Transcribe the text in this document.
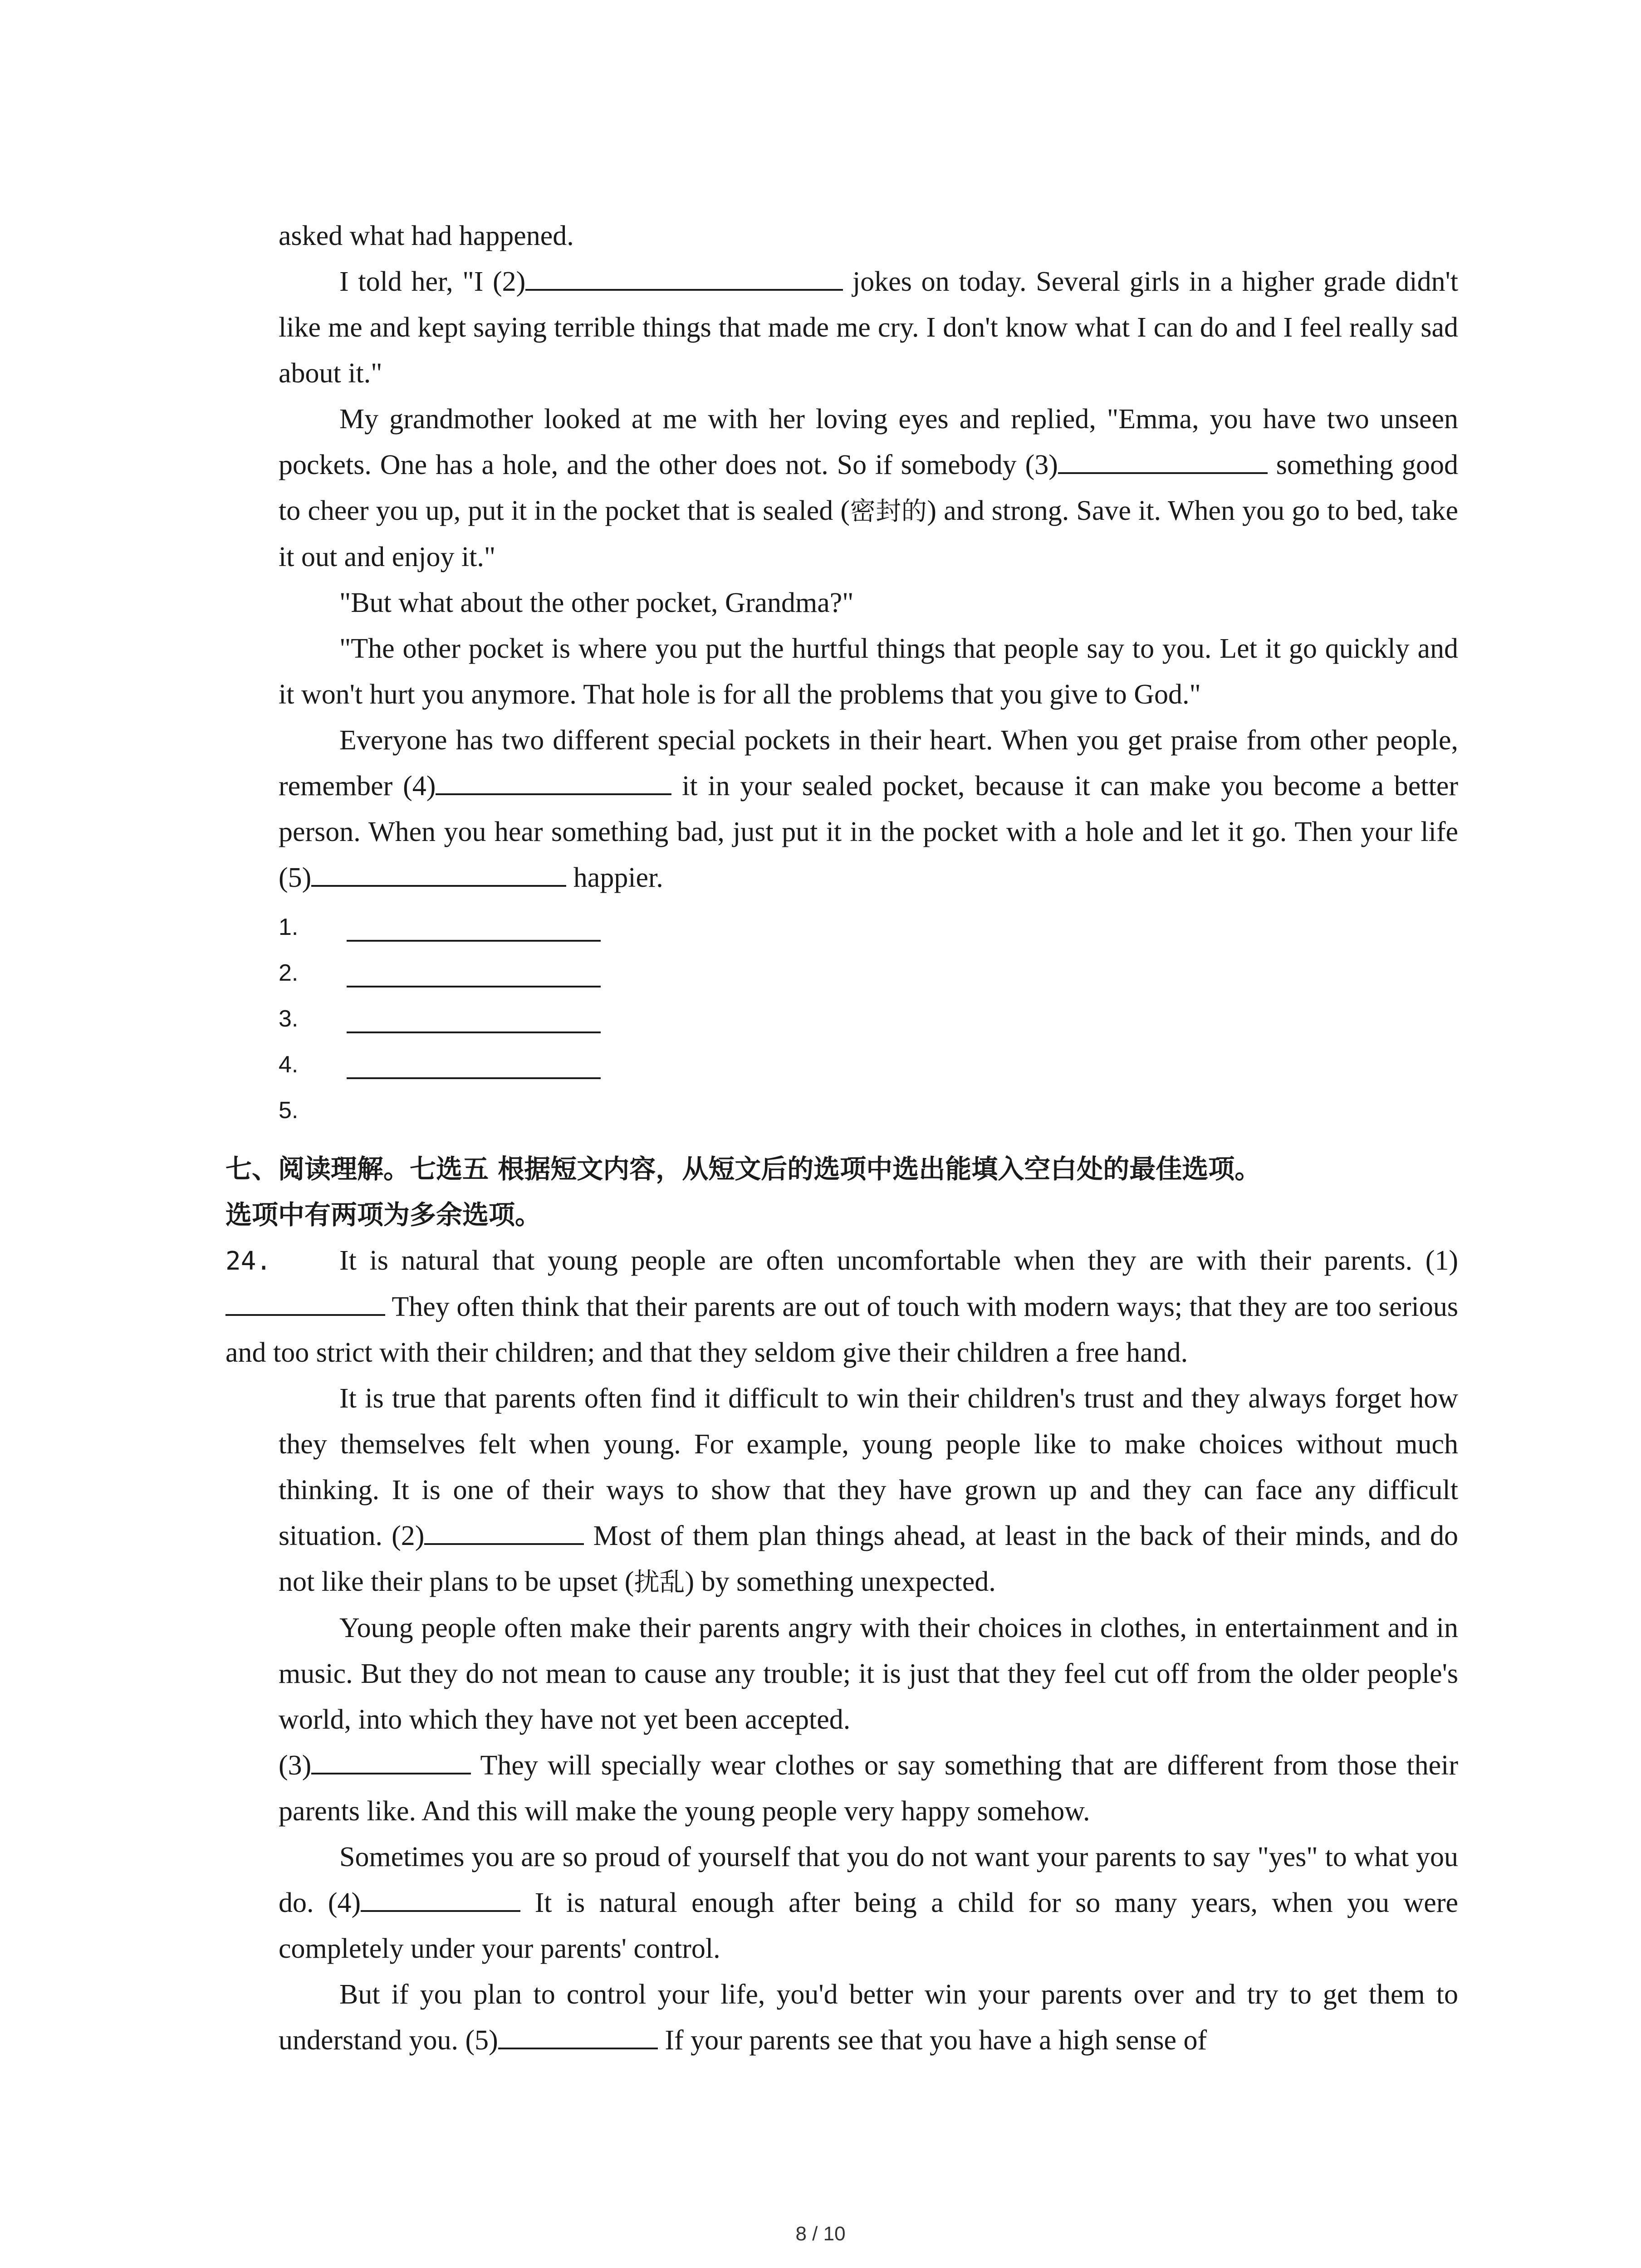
asked what had happened.

I told her, "I (2)	jokes on today. Several girls in a higher grade didn't like me and kept saying terrible things that made me cry. I don't know what I can do and I feel really sad about it."

My grandmother looked at me with her loving eyes and replied, "Emma, you have two unseen pockets. One has a hole, and the other does not. So if somebody (3)	something good to cheer you up, put it in the pocket that is sealed (密封的) and strong. Save it. When you go to bed, take it out and enjoy it."

"But what about the other pocket, Grandma?"

"The other pocket is where you put the hurtful things that people say to you. Let it go quickly and it won't hurt you anymore. That hole is for all the problems that you give to God."

Everyone has two different special pockets in their heart. When you get praise from other people, remember (4)	it in your sealed pocket, because it can make you become a better person. When you hear something bad, just put it in the pocket with a hole and let it go. Then your life (5)	happier.

1.
2.
3.
4.
5.
七、阅读理解。七选五 根据短文内容，从短文后的选项中选出能填入空白处的最佳选项。
选项中有两项为多余选项。

24. It is natural that young people are often uncomfortable when they are with their parents. (1) They often think that their parents are out of touch with modern ways; that they are too serious and too strict with their children; and that they seldom give their children a free hand.

It is true that parents often find it difficult to win their children's trust and they always forget how they themselves felt when young. For example, young people like to make choices without much thinking. It is one of their ways to show that they have grown up and they can face any difficult situation. (2)	Most of them plan things ahead, at least in the back of their minds, and do not like their plans to be upset (扰乱) by something unexpected.

Young people often make their parents angry with their choices in clothes, in entertainment and in music. But they do not mean to cause any trouble; it is just that they feel cut off from the older people's world, into which they have not yet been accepted.

(3)	They will specially wear clothes or say something that are different from those their parents like. And this will make the young people very happy somehow.

Sometimes you are so proud of yourself that you do not want your parents to say "yes" to what you do. (4)	It is natural enough after being a child for so many years, when you were completely under your parents' control.

But if you plan to control your life, you'd better win your parents over and try to get them to understand you. (5)	If your parents see that you have a high sense of

8 / 10
